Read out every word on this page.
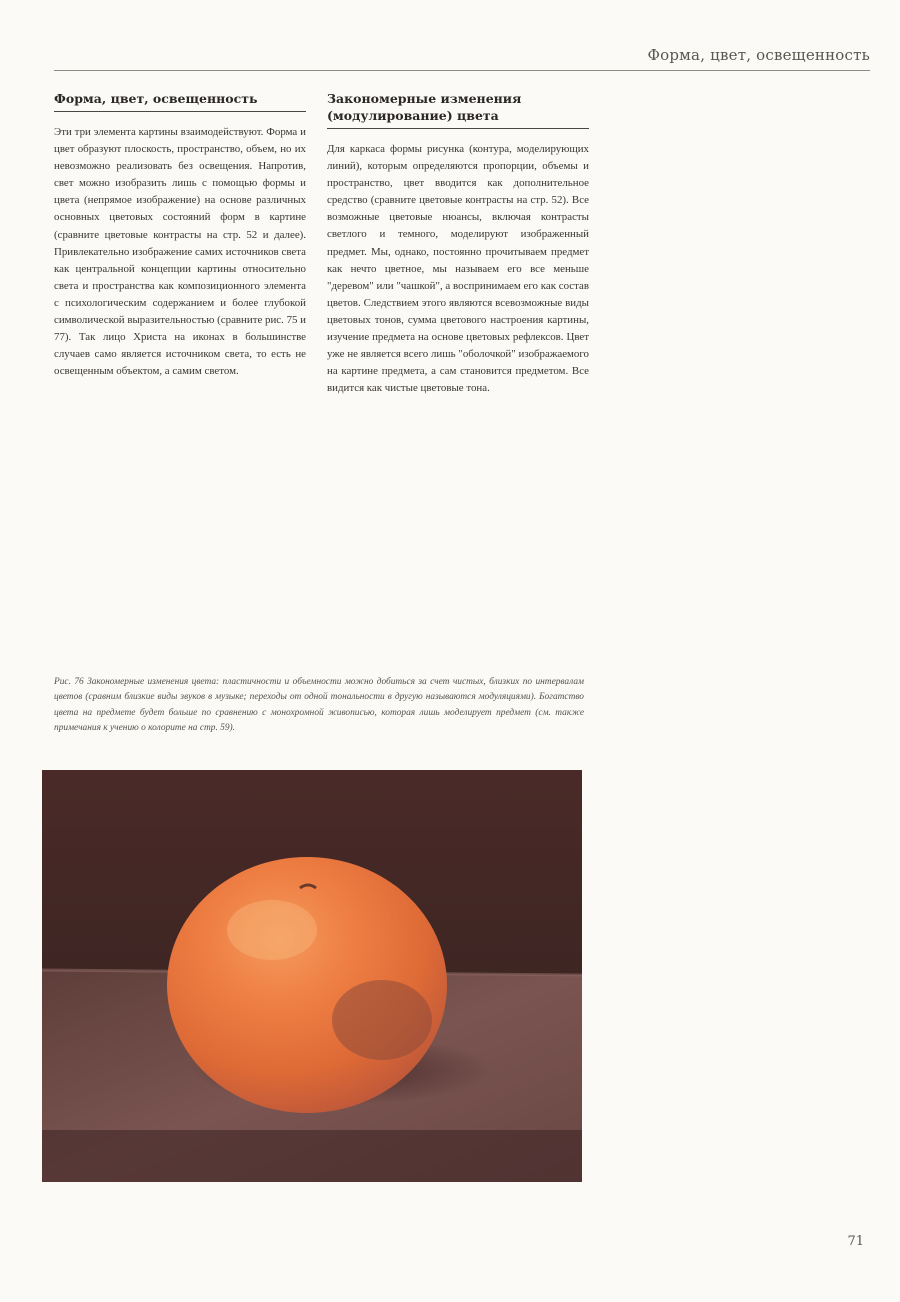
Форма, цвет, освещенность
Форма, цвет, освещенность

Эти три элемента картины взаимодействуют. Форма и цвет образуют плоскость, пространство, объем, но их невозможно реализовать без освещения. Напротив, свет можно изобразить лишь с помощью формы и цвета (непрямое изображение) на основе различных основных цветовых состояний форм в картине (сравните цветовые контрасты на стр. 52 и далее). Привлекательно изображение самих источников света как центральной концепции картины относительно света и пространства как композиционного элемента с психологическим содержанием и более глубокой символической выразительностью (сравните рис. 75 и 77). Так лицо Христа на иконах в большинстве случаев само является источником света, то есть не освещенным объектом, а самим светом.

Закономерные изменения (модулирование) цвета

Для каркаса формы рисунка (контура, моделирующих линий), которым определяются пропорции, объемы и пространство, цвет вводится как дополнительное средство (сравните цветовые контрасты на стр. 52). Все возможные цветовые нюансы, включая контрасты светлого и темного, моделируют изображенный предмет. Мы, однако, постоянно прочитываем предмет как нечто цветное, мы называем его все меньше "деревом" или "чашкой", а воспринимаем его как состав цветов. Следствием этого являются всевозможные виды цветовых тонов, сумма цветового настроения картины, изучение предмета на основе цветовых рефлексов. Цвет уже не является всего лишь "оболочкой" изображаемого на картине предмета, а сам становится предметом. Все видится как чистые цветовые тона.

Рис. 76 Закономерные изменения цвета: пластичности и объемности можно добиться за счет чистых, близких по интервалам цветов (сравним близкие виды звуков в музыке; переходы от одной тональности в другую называются модуляциями). Богатство цвета на предмете будет больше по сравнению с монохромной живописью, которая лишь моделирует предмет (см. также примечания к учению о колорите на стр. 59).
71
